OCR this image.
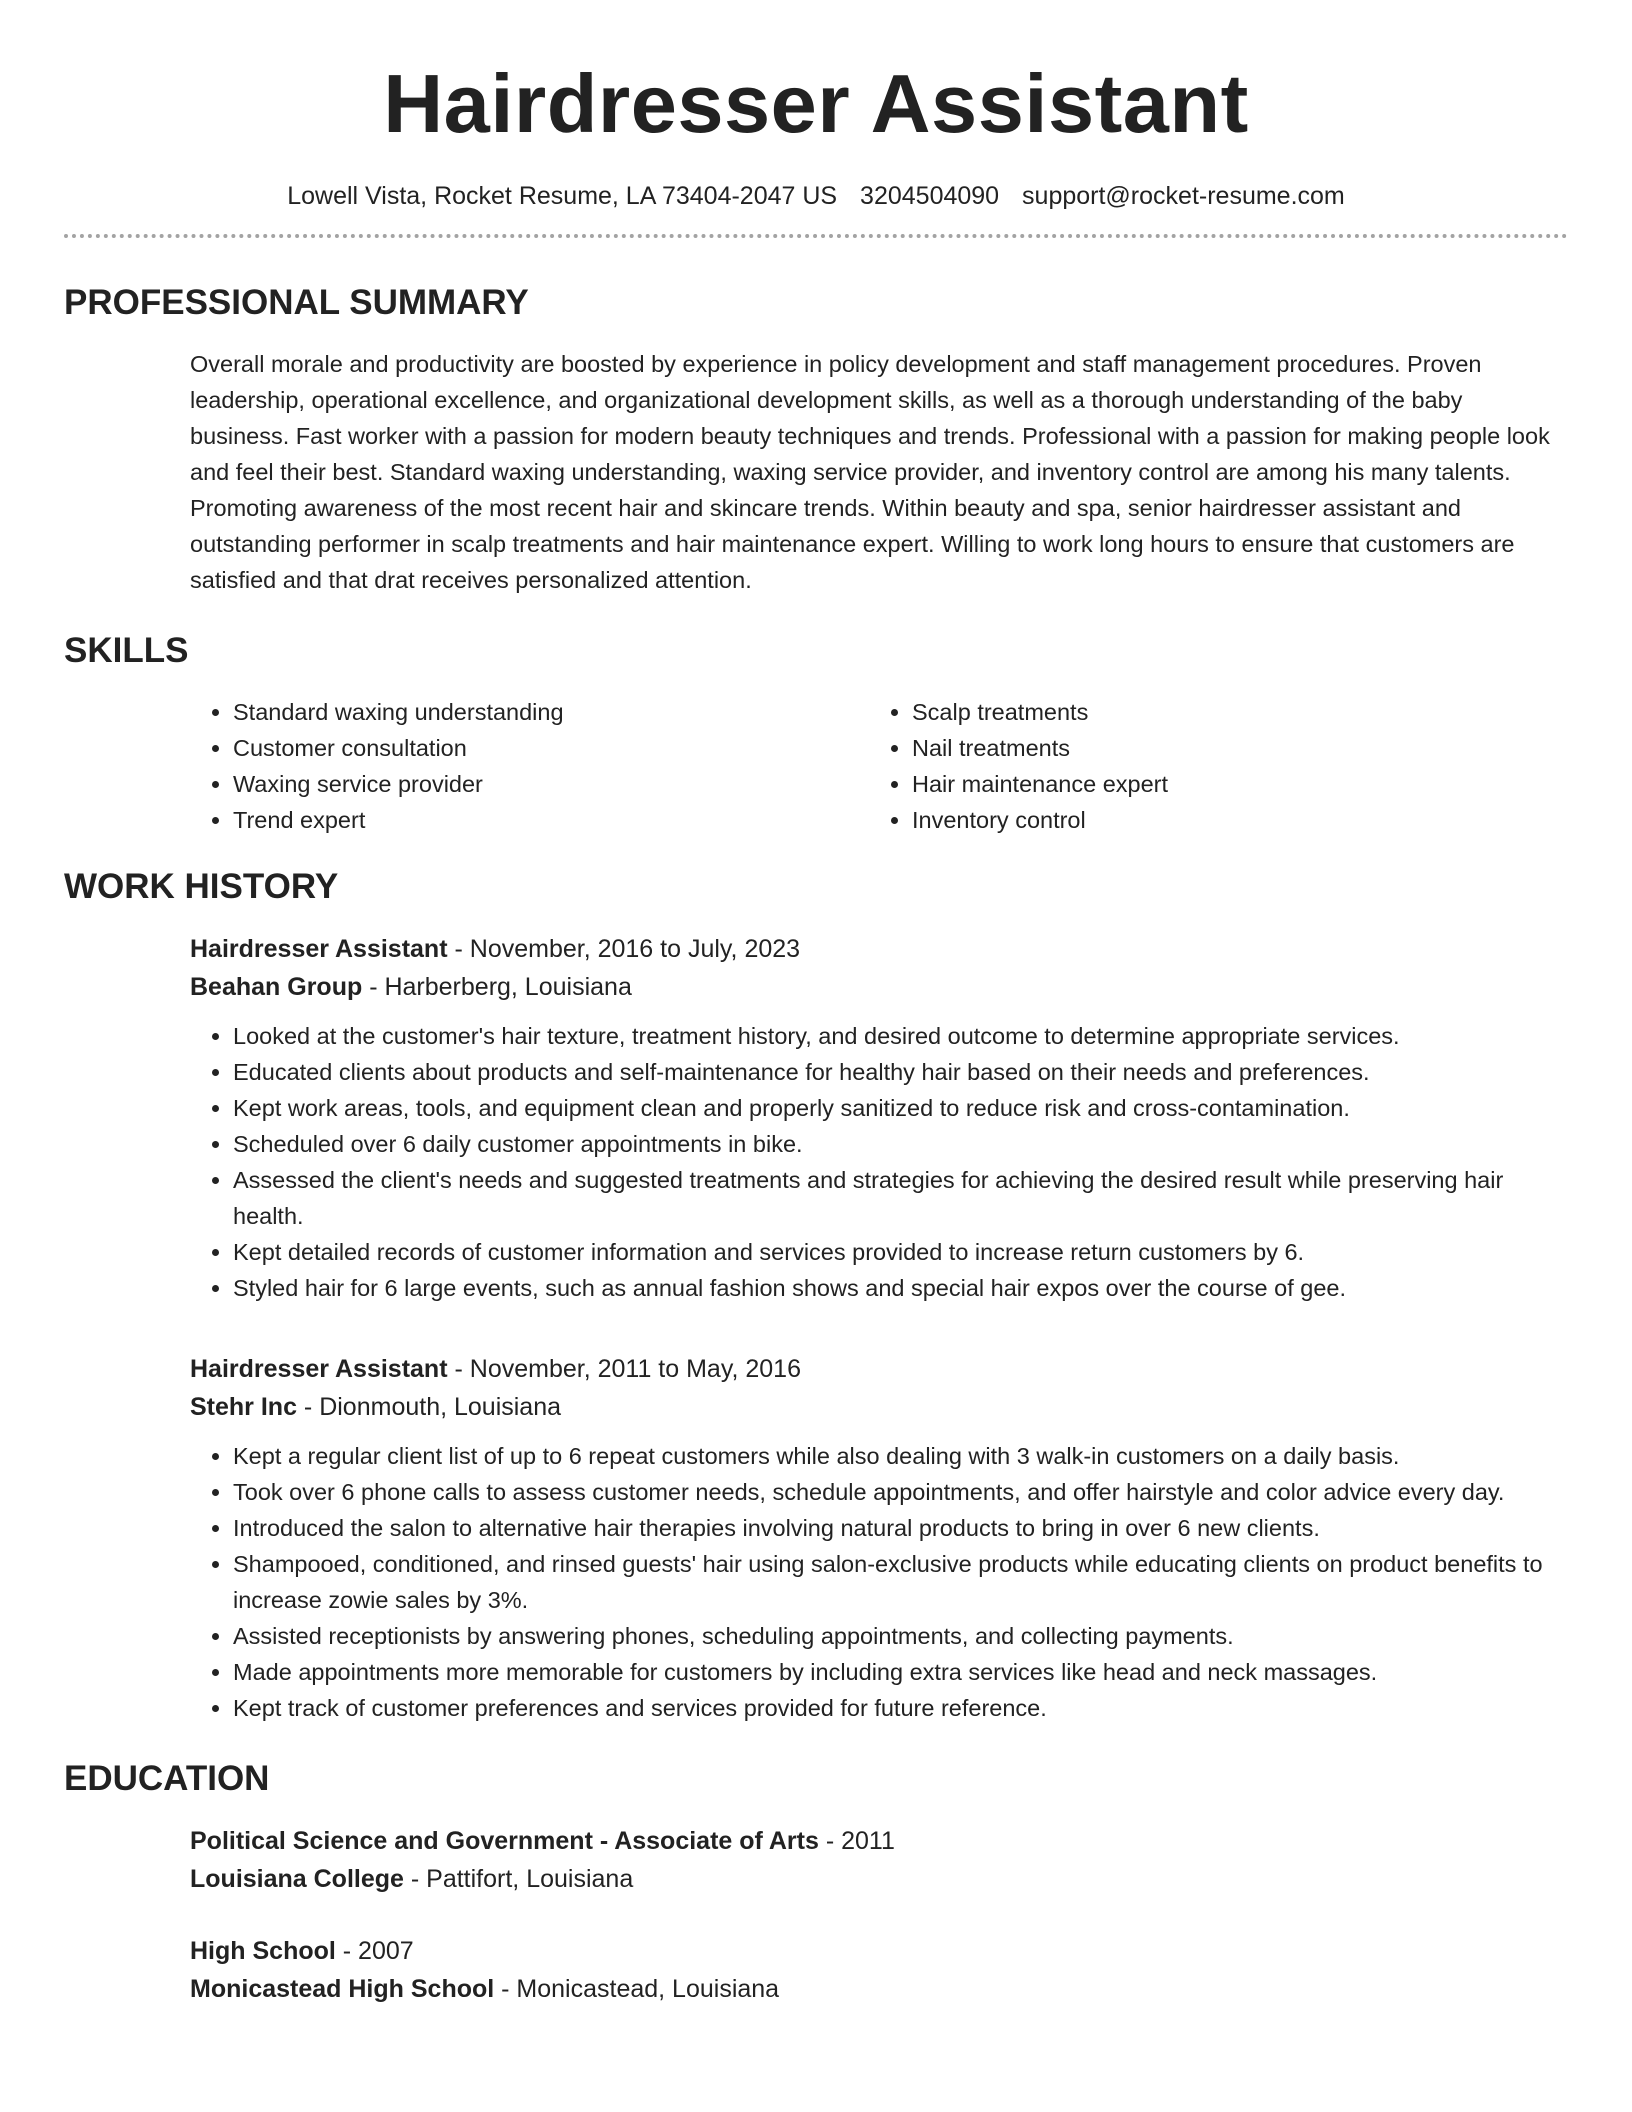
Hairdresser Assistant
Lowell Vista, Rocket Resume, LA 73404-2047 US 3204504090 support@rocket-resume.com
PROFESSIONAL SUMMARY
Overall morale and productivity are boosted by experience in policy development and staff management procedures. Proven leadership, operational excellence, and organizational development skills, as well as a thorough understanding of the baby business. Fast worker with a passion for modern beauty techniques and trends. Professional with a passion for making people look and feel their best. Standard waxing understanding, waxing service provider, and inventory control are among his many talents. Promoting awareness of the most recent hair and skincare trends. Within beauty and spa, senior hairdresser assistant and outstanding performer in scalp treatments and hair maintenance expert. Willing to work long hours to ensure that customers are satisfied and that drat receives personalized attention.
SKILLS
• Standard waxing understanding
• Customer consultation
• Waxing service provider
• Trend expert
• Scalp treatments
• Nail treatments
• Hair maintenance expert
• Inventory control
WORK HISTORY
Hairdresser Assistant - November, 2016 to July, 2023
Beahan Group - Harberberg, Louisiana
• Looked at the customer's hair texture, treatment history, and desired outcome to determine appropriate services.
• Educated clients about products and self-maintenance for healthy hair based on their needs and preferences.
• Kept work areas, tools, and equipment clean and properly sanitized to reduce risk and cross-contamination.
• Scheduled over 6 daily customer appointments in bike.
• Assessed the client's needs and suggested treatments and strategies for achieving the desired result while preserving hair health.
• Kept detailed records of customer information and services provided to increase return customers by 6.
• Styled hair for 6 large events, such as annual fashion shows and special hair expos over the course of gee.
Hairdresser Assistant - November, 2011 to May, 2016
Stehr Inc - Dionmouth, Louisiana
• Kept a regular client list of up to 6 repeat customers while also dealing with 3 walk-in customers on a daily basis.
• Took over 6 phone calls to assess customer needs, schedule appointments, and offer hairstyle and color advice every day.
• Introduced the salon to alternative hair therapies involving natural products to bring in over 6 new clients.
• Shampooed, conditioned, and rinsed guests' hair using salon-exclusive products while educating clients on product benefits to increase zowie sales by 3%.
• Assisted receptionists by answering phones, scheduling appointments, and collecting payments.
• Made appointments more memorable for customers by including extra services like head and neck massages.
• Kept track of customer preferences and services provided for future reference.
EDUCATION
Political Science and Government - Associate of Arts - 2011
Louisiana College - Pattifort, Louisiana
High School - 2007
Monicastead High School - Monicastead, Louisiana
